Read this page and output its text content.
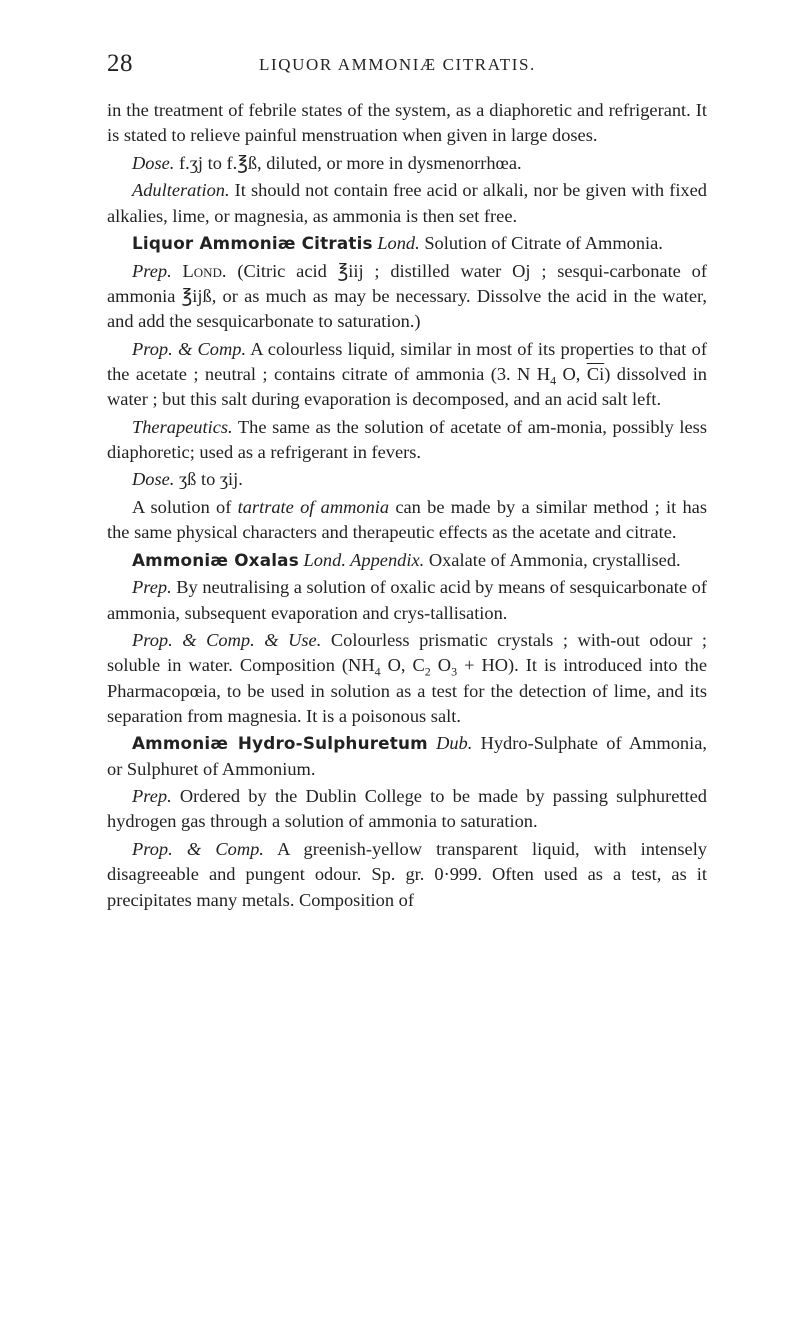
28	LIQUOR AMMONIÆ CITRATIS.

in the treatment of febrile states of the system, as a diaphoretic and refrigerant. It is stated to relieve painful menstruation when given in large doses.

Dose. f.ʒj to f.℥ß, diluted, or more in dysmenorrhœa.

Adulteration. It should not contain free acid or alkali, nor be given with fixed alkalies, lime, or magnesia, as ammonia is then set free.

Liquor Ammoniæ Citratis Lond. Solution of Citrate of Ammonia.

Prep. Lond. (Citric acid ℥iij ; distilled water Oj ; sesqui-carbonate of ammonia ℥ijß, or as much as may be necessary. Dissolve the acid in the water, and add the sesquicarbonate to saturation.)

Prop. & Comp. A colourless liquid, similar in most of its properties to that of the acetate ; neutral ; contains citrate of ammonia (3. N $H_4$ O, $\overline{Ci}$) dissolved in water ; but this salt during evaporation is decomposed, and an acid salt left.

Therapeutics. The same as the solution of acetate of am-monia, possibly less diaphoretic; used as a refrigerant in fevers.

Dose. ʒß to ʒij.

A solution of tartrate of ammonia can be made by a similar method ; it has the same physical characters and therapeutic effects as the acetate and citrate.

Ammoniæ Oxalas Lond. Appendix. Oxalate of Ammonia, crystallised.

Prep. By neutralising a solution of oxalic acid by means of sesquicarbonate of ammonia, subsequent evaporation and crys-tallisation.

Prop. & Comp. & Use. Colourless prismatic crystals ; with-out odour ; soluble in water. Composition ($NH_4$ O, $C_2$ $O_3 + HO$). It is introduced into the Pharmacopœia, to be used in solution as a test for the detection of lime, and its separation from magnesia. It is a poisonous salt.

Ammoniæ Hydro-Sulphuretum Dub. Hydro-Sulphate of Ammonia, or Sulphuret of Ammonium.

Prep. Ordered by the Dublin College to be made by passing sulphuretted hydrogen gas through a solution of ammonia to saturation.

Prop. & Comp. A greenish-yellow transparent liquid, with intensely disagreeable and pungent odour. Sp. gr. 0·999. Often used as a test, as it precipitates many metals. Composition of
